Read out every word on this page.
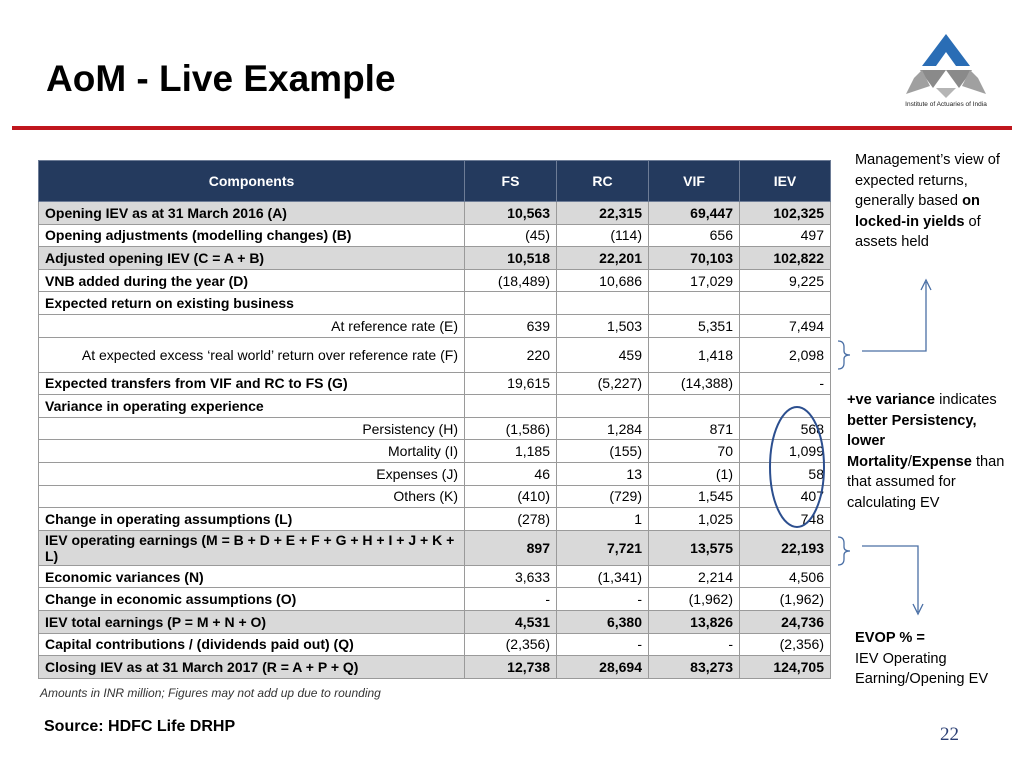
AoM - Live Example
Institute of Actuaries of India
Components	FS	RC	VIF	IEV
Opening IEV as at 31 March 2016 (A)	10,563	22,315	69,447	102,325
Opening adjustments (modelling changes) (B)	(45)	(114)	656	497
Adjusted opening IEV (C = A + B)	10,518	22,201	70,103	102,822
VNB added during the year (D)	(18,489)	10,686	17,029	9,225
Expected return on existing business				
At reference rate (E)	639	1,503	5,351	7,494
At expected excess ‘real world’ return over reference rate (F)	220	459	1,418	2,098
Expected transfers from VIF and RC to FS (G)	19,615	(5,227)	(14,388)	-
Variance in operating experience				
Persistency (H)	(1,586)	1,284	871	568
Mortality (I)	1,185	(155)	70	1,099
Expenses (J)	46	13	(1)	58
Others (K)	(410)	(729)	1,545	407
Change in operating assumptions (L)	(278)	1	1,025	748
IEV operating earnings (M = B + D + E + F + G + H + I + J + K + L)	897	7,721	13,575	22,193
Economic variances (N)	3,633	(1,341)	2,214	4,506
Change in economic assumptions (O)	-	-	(1,962)	(1,962)
IEV total earnings (P = M + N + O)	4,531	6,380	13,826	24,736
Capital contributions / (dividends paid out) (Q)	(2,356)	-	-	(2,356)
Closing IEV as at 31 March 2017 (R = A + P + Q)	12,738	28,694	83,273	124,705
Amounts in INR million; Figures may not add up due to rounding
Management’s view of expected returns, generally based on locked-in yields of assets held
+ve variance indicates better Persistency, lower Mortality/Expense than that assumed for calculating EV
EVOP % =
IEV Operating Earning/Opening EV
Source: HDFC Life DRHP	22
